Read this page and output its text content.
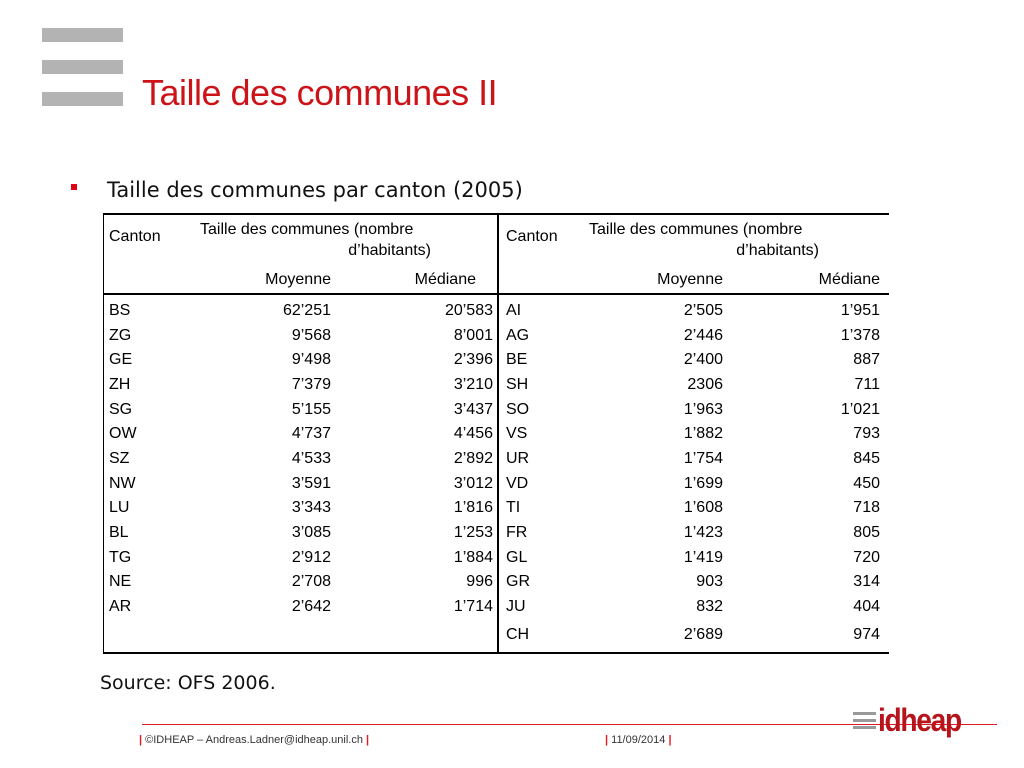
Taille des communes II
Taille des communes par canton (2005)
Canton Taille des communes (nombre
d’habitants)
Moyenne	Médiane
Canton Taille des communes (nombre
d’habitants)
Moyenne	Médiane
BS	62’251	20’583
ZG	9’568	8’001
GE	9’498	2’396
ZH	7’379	3’210
SG	5’155	3’437
OW	4’737	4’456
SZ	4’533	2’892
NW	3’591	3’012
LU	3’343	1’816
BL	3’085	1’253
TG	2’912	1’884
NE	2’708	996
AR	2’642	1’714
AI	2’505	1’951
AG	2’446	1’378
BE	2’400	887
SH	2306	711
SO	1’963	1’021
VS	1’882	793
UR	1’754	845
VD	1’699	450
TI	1’608	718
FR	1’423	805
GL	1’419	720
GR	903	314
JU	832	404
CH	2’689	974
Source: OFS 2006.
| ©IDHEAP – Andreas.Ladner@idheap.unil.ch |	| 11/09/2014 |
idheap
